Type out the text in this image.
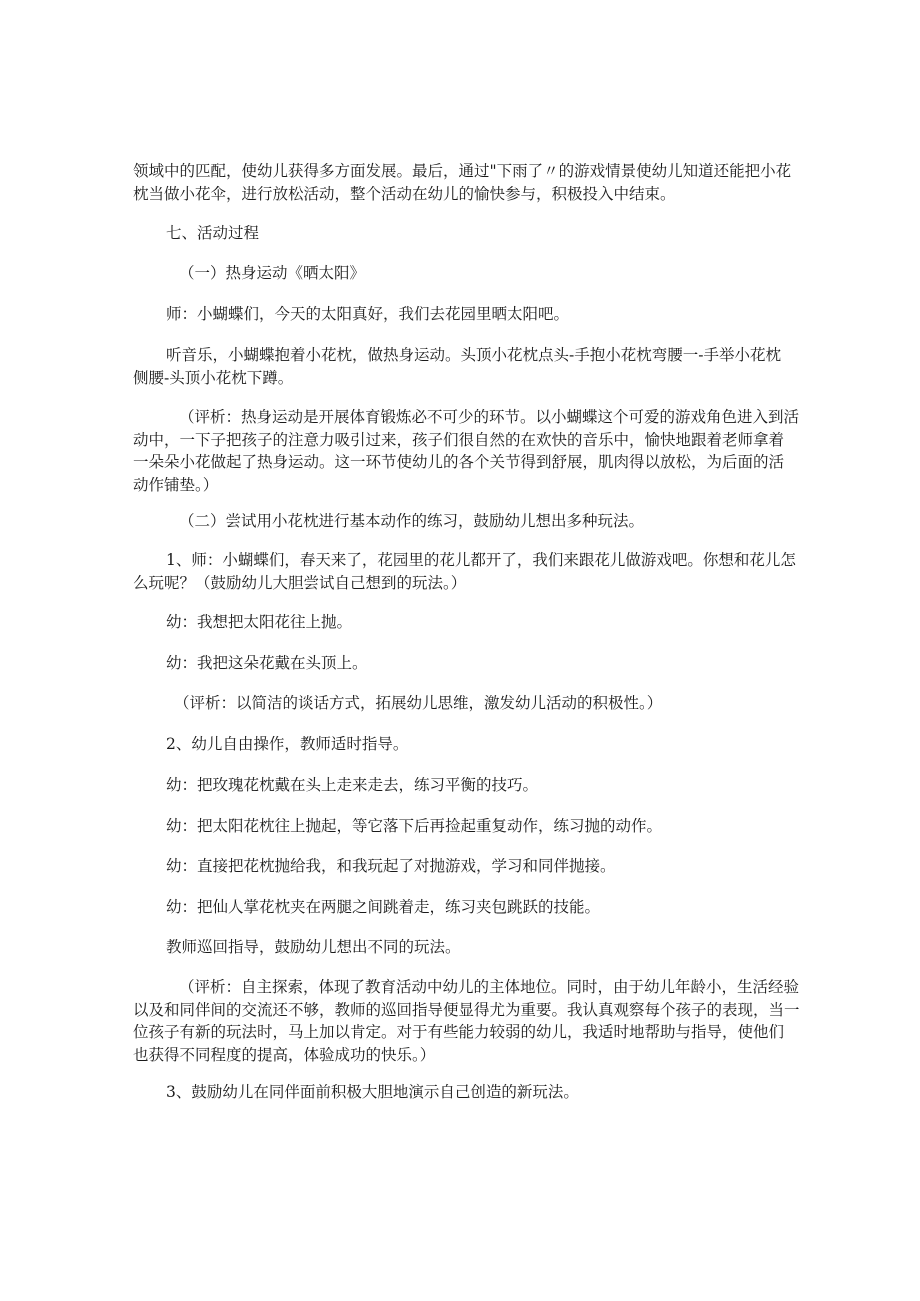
领域中的匹配，使幼儿获得多方面发展。最后，通过"下雨了〃的游戏情景使幼儿知道还能把小花
枕当做小花伞，进行放松活动，整个活动在幼儿的愉快参与，积极投入中结束。
七、活动过程
（一）热身运动《晒太阳》
师：小蝴蝶们，今天的太阳真好，我们去花园里晒太阳吧。
听音乐，小蝴蝶抱着小花枕，做热身运动。头顶小花枕点头-手抱小花枕弯腰一-手举小花枕
侧腰-头顶小花枕下蹲。
（评析：热身运动是开展体育锻炼必不可少的环节。以小蝴蝶这个可爱的游戏角色进入到活
动中，一下子把孩子的注意力吸引过来，孩子们很自然的在欢快的音乐中，愉快地跟着老师拿着
一朵朵小花做起了热身运动。这一环节使幼儿的各个关节得到舒展，肌肉得以放松，为后面的活
动作铺垫。）
（二）尝试用小花枕进行基本动作的练习，鼓励幼儿想出多种玩法。
1、师：小蝴蝶们，春天来了，花园里的花儿都开了，我们来跟花儿做游戏吧。你想和花儿怎
么玩呢？（鼓励幼儿大胆尝试自己想到的玩法。）
幼：我想把太阳花往上抛。
幼：我把这朵花戴在头顶上。
（评析：以简洁的谈话方式，拓展幼儿思维，激发幼儿活动的积极性。）
2、幼儿自由操作，教师适时指导。
幼：把玫瑰花枕戴在头上走来走去，练习平衡的技巧。
幼：把太阳花枕往上抛起，等它落下后再捡起重复动作，练习抛的动作。
幼：直接把花枕抛给我，和我玩起了对抛游戏，学习和同伴抛接。
幼：把仙人掌花枕夹在两腿之间跳着走，练习夹包跳跃的技能。
教师巡回指导，鼓励幼儿想出不同的玩法。
（评析：自主探索，体现了教育活动中幼儿的主体地位。同时，由于幼儿年龄小，生活经验
以及和同伴间的交流还不够，教师的巡回指导便显得尤为重要。我认真观察每个孩子的表现，当一
位孩子有新的玩法时，马上加以肯定。对于有些能力较弱的幼儿，我适时地帮助与指导，使他们
也获得不同程度的提高，体验成功的快乐。）
3、鼓励幼儿在同伴面前积极大胆地演示自己创造的新玩法。
